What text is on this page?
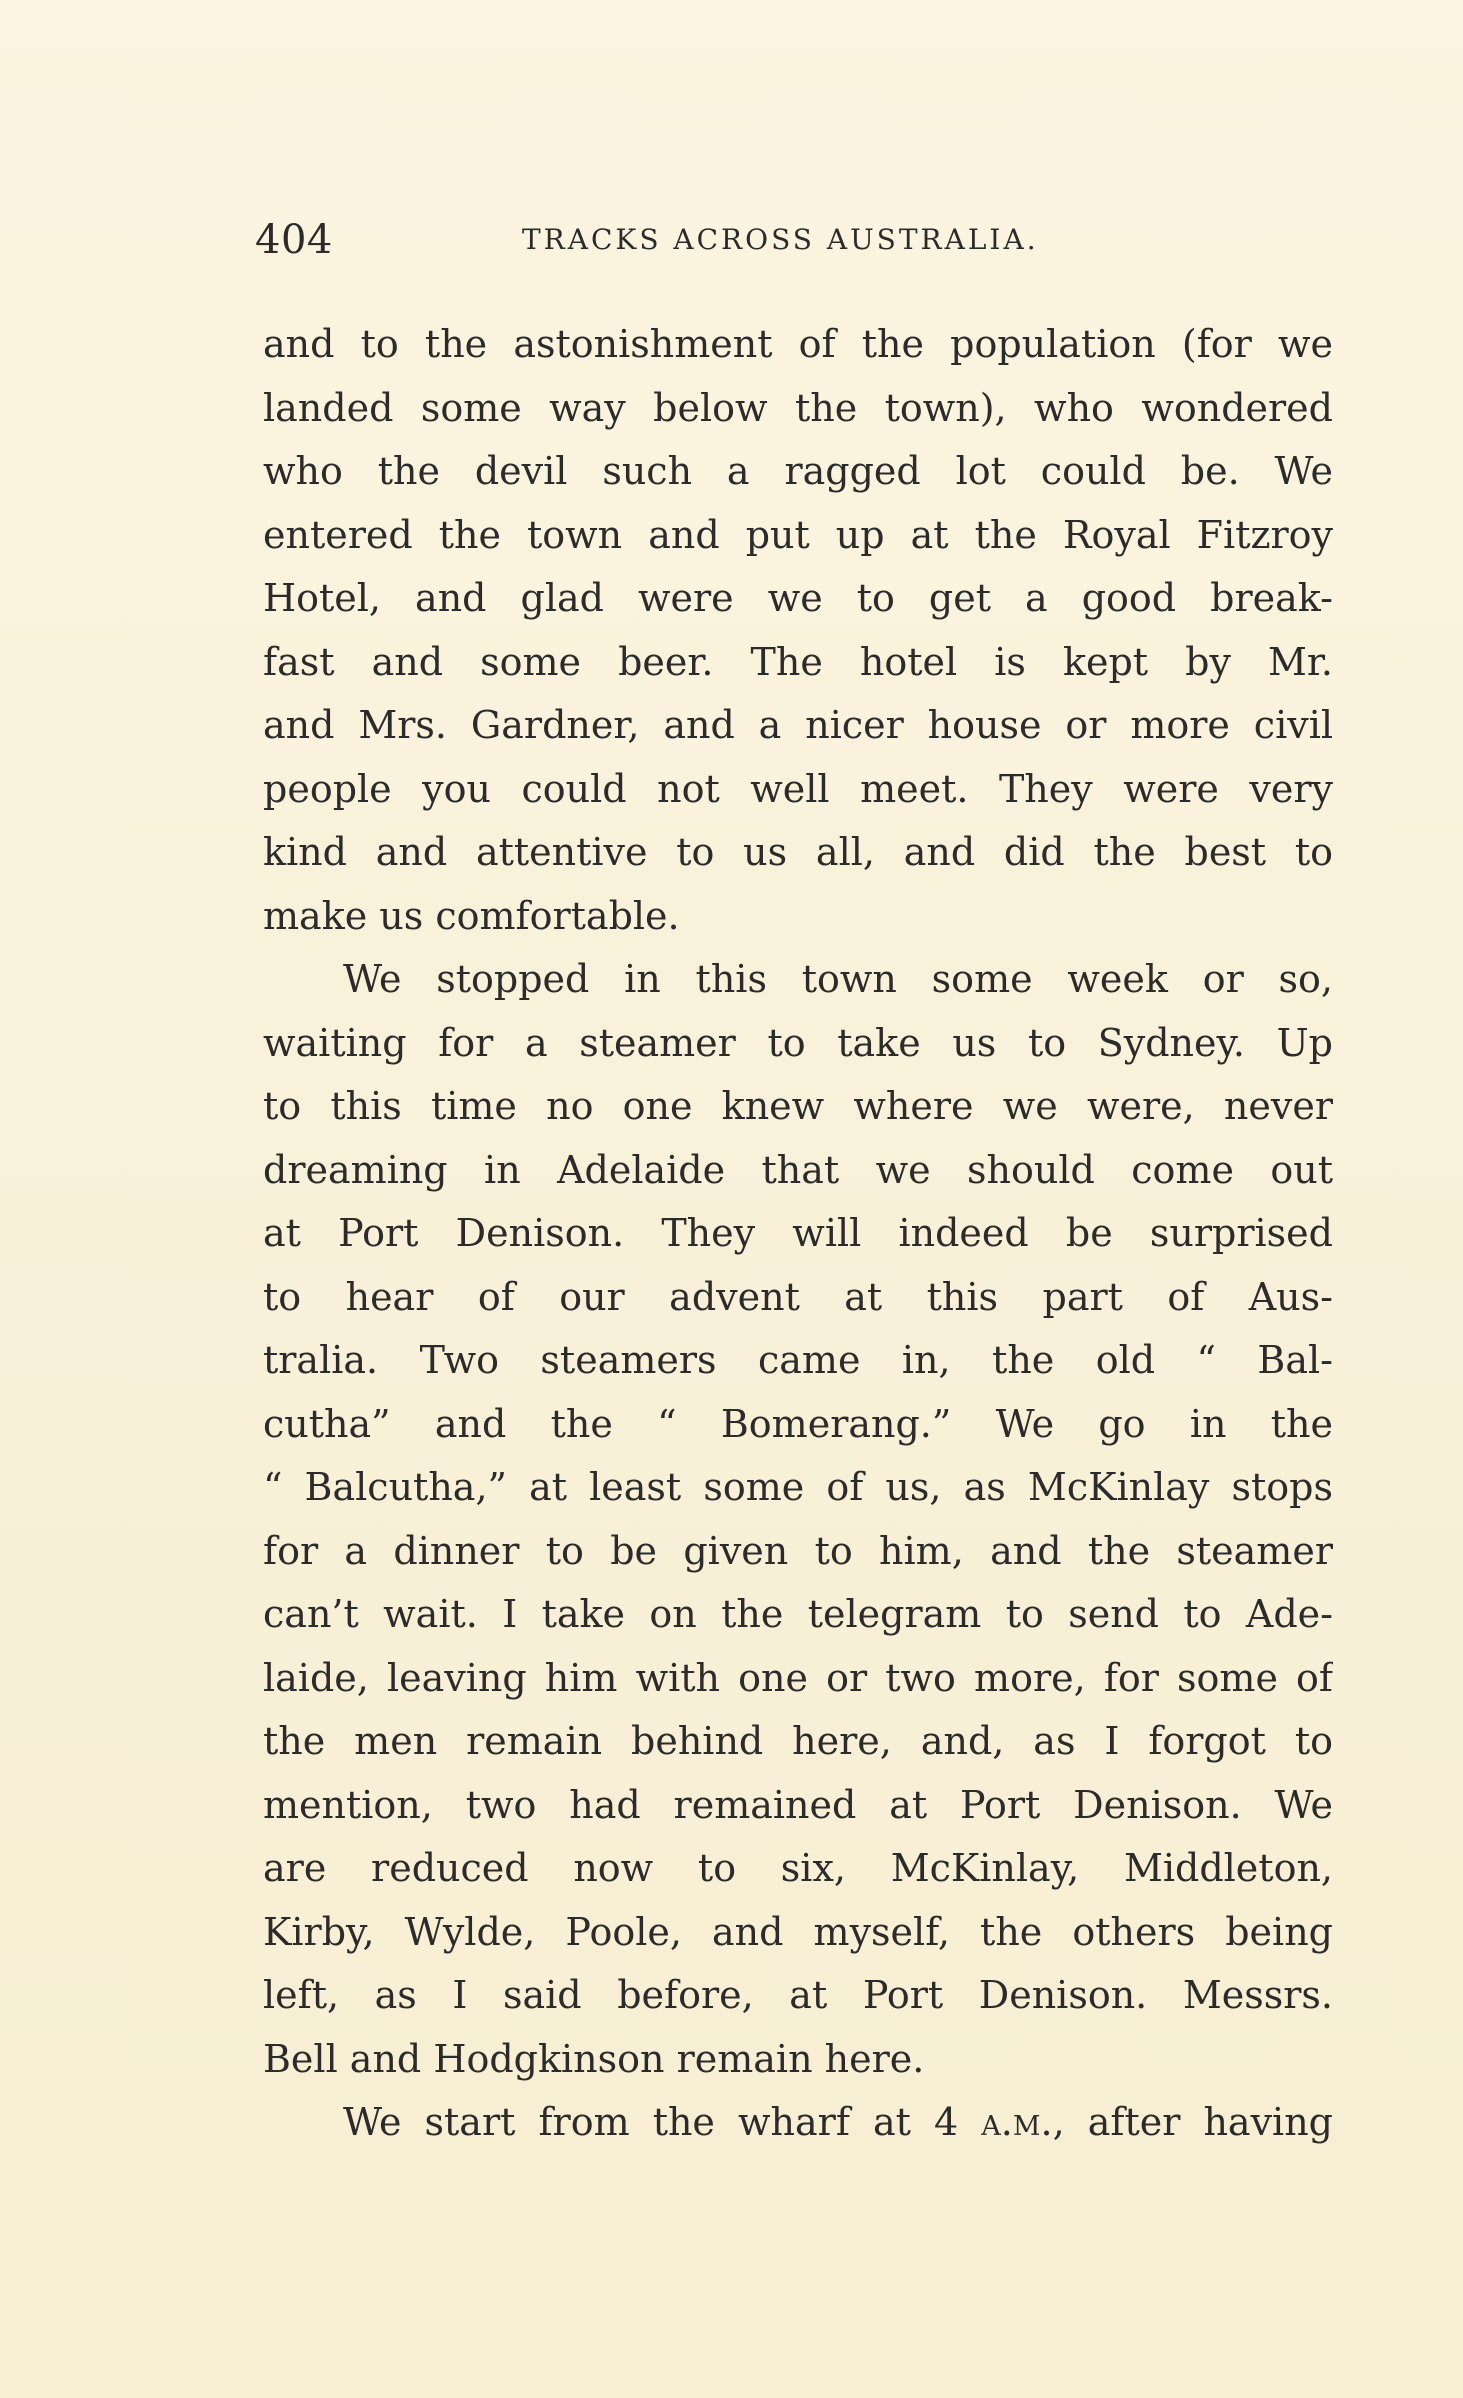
404	TRACKS ACROSS AUSTRALIA.
and to the astonishment of the population (for we
landed some way below the town), who wondered
who the devil such a ragged lot could be. We
entered the town and put up at the Royal Fitzroy
Hotel, and glad were we to get a good break-
fast and some beer. The hotel is kept by Mr.
and Mrs. Gardner, and a nicer house or more civil
people you could not well meet. They were very
kind and attentive to us all, and did the best to
make us comfortable.
We stopped in this town some week or so,
waiting for a steamer to take us to Sydney. Up
to this time no one knew where we were, never
dreaming in Adelaide that we should come out
at Port Denison. They will indeed be surprised
to hear of our advent at this part of Aus-
tralia. Two steamers came in, the old “ Bal-
cutha” and the “ Bomerang.” We go in the
“ Balcutha,” at least some of us, as McKinlay stops
for a dinner to be given to him, and the steamer
can’t wait. I take on the telegram to send to Ade-
laide, leaving him with one or two more, for some of
the men remain behind here, and, as I forgot to
mention, two had remained at Port Denison. We
are reduced now to six, McKinlay, Middleton,
Kirby, Wylde, Poole, and myself, the others being
left, as I said before, at Port Denison. Messrs.
Bell and Hodgkinson remain here.
We start from the wharf at 4 a.m., after having
